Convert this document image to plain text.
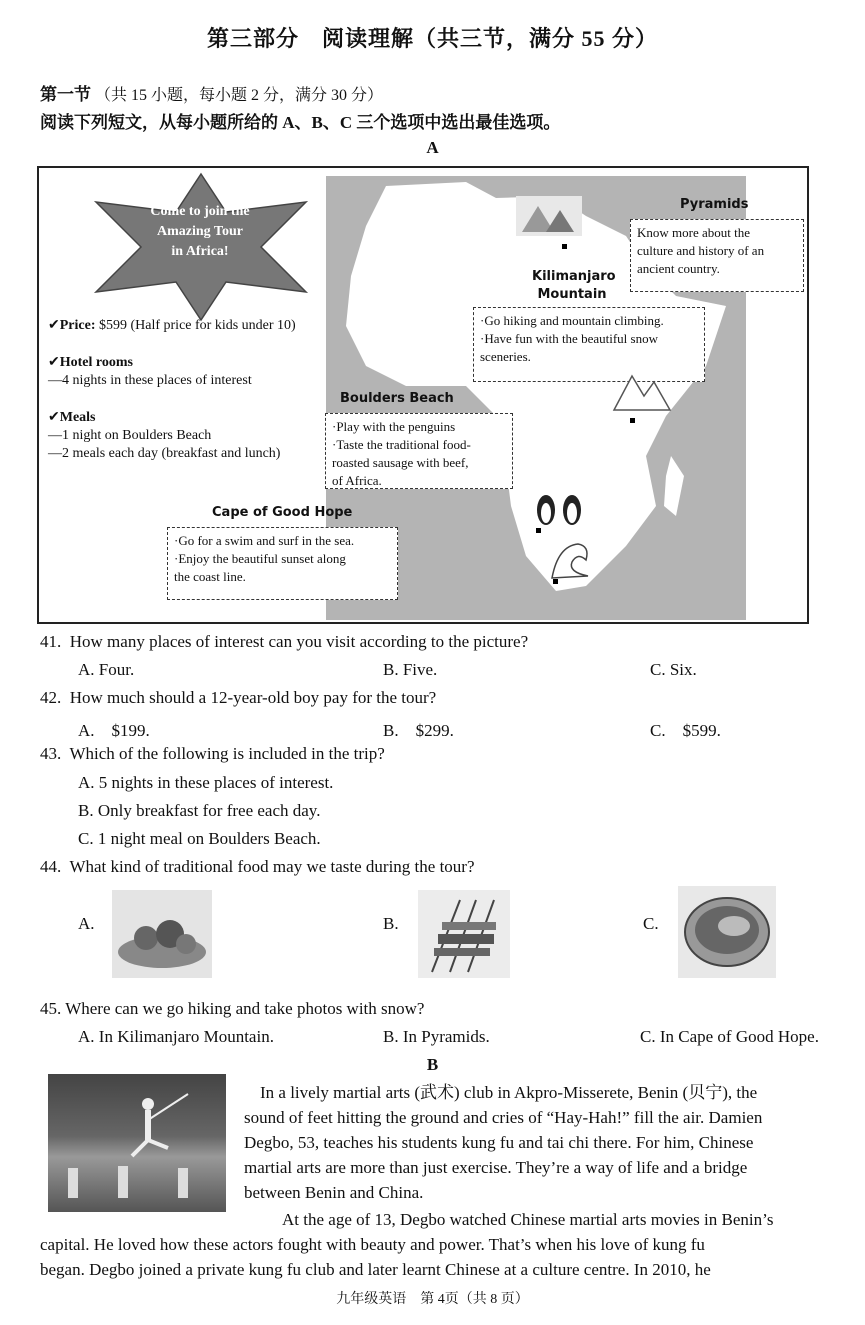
第三部分　阅读理解（共三节，满分 55 分）
第一节 （共 15 小题，每小题 2 分，满分 30 分）
阅读下列短文，从每小题所给的 A、B、C 三个选项中选出最佳选项。
A
Come to join the
Amazing Tour
in Africa!
✔Price: $599 (Half price for kids under 10)
✔Hotel rooms
—4 nights in these places of interest
✔Meals
—1 night on Boulders Beach
—2 meals each day (breakfast and lunch)
Pyramids
Know more about the
culture and history of an
ancient country.
Kilimanjaro
Mountain
·Go hiking and mountain climbing.
·Have fun with the beautiful snow
sceneries.
Boulders Beach
·Play with the penguins
·Taste the traditional food-
roasted sausage with beef,
of Africa.
Cape of Good Hope
·Go for a swim and surf in the sea.
·Enjoy the beautiful sunset along
the coast line.
41. How many places of interest can you visit according to the picture?
A. Four.	B. Five.	C. Six.
42. How much should a 12-year-old boy pay for the tour?
A.　$199.	B.　$299.	C.　$599.
43. Which of the following is included in the trip?
A. 5 nights in these places of interest.
B. Only breakfast for free each day.
C. 1 night meal on Boulders Beach.
44. What kind of traditional food may we taste during the tour?
A.	B.	C.
45. Where can we go hiking and take photos with snow?
A. In Kilimanjaro Mountain.	B. In Pyramids.	C. In Cape of Good Hope.
B
In a lively martial arts (武术) club in Akpro-Misserete, Benin (贝宁), the
sound of feet hitting the ground and cries of “Hay-Hah!” fill the air. Damien
Degbo, 53, teaches his students kung fu and tai chi there. For him, Chinese
martial arts are more than just exercise. They’re a way of life and a bridge
between Benin and China.
At the age of 13, Degbo watched Chinese martial arts movies in Benin’s
capital. He loved how these actors fought with beauty and power. That’s when his love of kung fu
began. Degbo joined a private kung fu club and later learnt Chinese at a culture centre. In 2010, he
九年级英语　第 4页（共 8 页）
